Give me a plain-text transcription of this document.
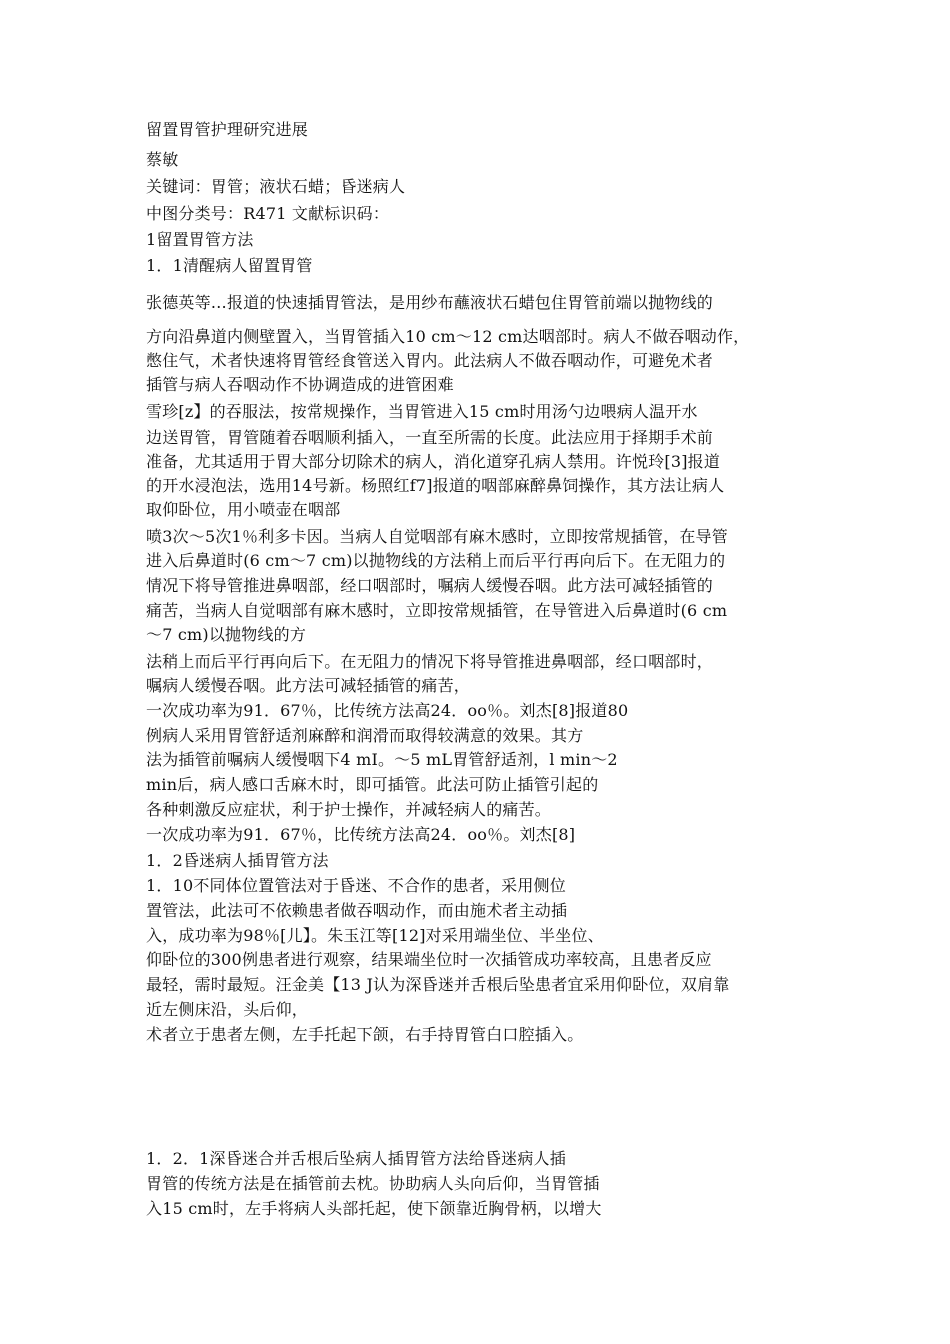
留置胃管护理研究进展
蔡敏
关键词：胃管；液状石蜡；昏迷病人
中图分类号：R471 文献标识码：
1留置胃管方法
1．1清醒病人留置胃管
张德英等…报道的快速插胃管法，是用纱布蘸液状石蜡包住胃管前端以抛物线的
方向沿鼻道内侧壁置入，当胃管插入10 cm～12 cm达咽部时。病人不做吞咽动作，
憋住气，术者快速将胃管经食管送入胃内。此法病人不做吞咽动作，可避免术者
插管与病人吞咽动作不协调造成的进管困难
雪珍[z】的吞服法，按常规操作，当胃管进入15 cm时用汤勺边喂病人温开水
边送胃管，胃管随着吞咽顺利插入，一直至所需的长度。此法应用于择期手术前
准备，尤其适用于胃大部分切除术的病人，消化道穿孔病人禁用。许悦玲[3]报道
的开水浸泡法，选用14号新。杨照红f7]报道的咽部麻醉鼻饲操作，其方法让病人
取仰卧位，用小喷壶在咽部
喷3次～5次1％利多卡因。当病人自觉咽部有麻木感时，立即按常规插管，在导管
进入后鼻道时(6 cm～7 cm)以抛物线的方法稍上而后平行再向后下。在无阻力的
情况下将导管推进鼻咽部，经口咽部时，嘱病人缓慢吞咽。此方法可减轻插管的
痛苦，当病人自觉咽部有麻木感时，立即按常规插管，在导管进入后鼻道时(6 cm
～7 cm)以抛物线的方
法稍上而后平行再向后下。在无阻力的情况下将导管推进鼻咽部，经口咽部时，
嘱病人缓慢吞咽。此方法可减轻插管的痛苦，
一次成功率为91．67％，比传统方法高24．oo％。刘杰[8]报道80
例病人采用胃管舒适剂麻醉和润滑而取得较满意的效果。其方
法为插管前嘱病人缓慢咽下4 mI。～5 mL胃管舒适剂，l min～2
min后，病人感口舌麻木时，即可插管。此法可防止插管引起的
各种刺激反应症状，利于护士操作，并减轻病人的痛苦。
一次成功率为91．67％，比传统方法高24．oo％。刘杰[8]
1．2昏迷病人插胃管方法
1．10不同体位置管法对于昏迷、不合作的患者，采用侧位
置管法，此法可不依赖患者做吞咽动作，而由施术者主动插
入，成功率为98％[儿】。朱玉江等[12]对采用端坐位、半坐位、
仰卧位的300例患者进行观察，结果端坐位时一次插管成功率较高，且患者反应
最轻，需时最短。汪金美【13 J认为深昏迷并舌根后坠患者宜采用仰卧位，双肩靠
近左侧床沿，头后仰，
术者立于患者左侧，左手托起下颌，右手持胃管白口腔插入。
1．2．1深昏迷合并舌根后坠病人插胃管方法给昏迷病人插
胃管的传统方法是在插管前去枕。协助病人头向后仰，当胃管插
入15 cm时，左手将病人头部托起，使下颌靠近胸骨柄，以增大
